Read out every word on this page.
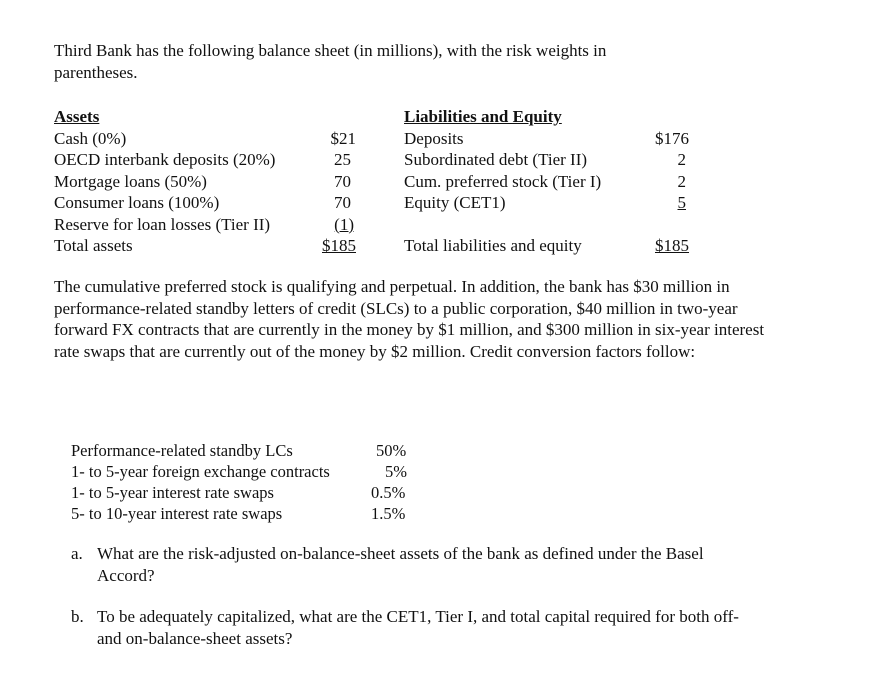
Third Bank has the following balance sheet (in millions), with the risk weights in parentheses.
Assets
Cash (0%)	$21
OECD interbank deposits (20%)	25
Mortgage loans (50%)	70
Consumer loans (100%)	70
Reserve for loan losses (Tier II)	(1)
Total assets	$185
Liabilities and Equity
Deposits	$176
Subordinated debt (Tier II)	2
Cum. preferred stock (Tier I)	2
Equity (CET1)	5
Total liabilities and equity	$185
The cumulative preferred stock is qualifying and perpetual. In addition, the bank has $30 million in performance-related standby letters of credit (SLCs) to a public corporation, $40 million in two-year forward FX contracts that are currently in the money by $1 million, and $300 million in six-year interest rate swaps that are currently out of the money by $2 million. Credit conversion factors follow:
Performance-related standby LCs	50%
1- to 5-year foreign exchange contracts	5%
1- to 5-year interest rate swaps	0.5%
5- to 10-year interest rate swaps	1.5%
a. What are the risk-adjusted on-balance-sheet assets of the bank as defined under the Basel Accord?
b. To be adequately capitalized, what are the CET1, Tier I, and total capital required for both off- and on-balance-sheet assets?
